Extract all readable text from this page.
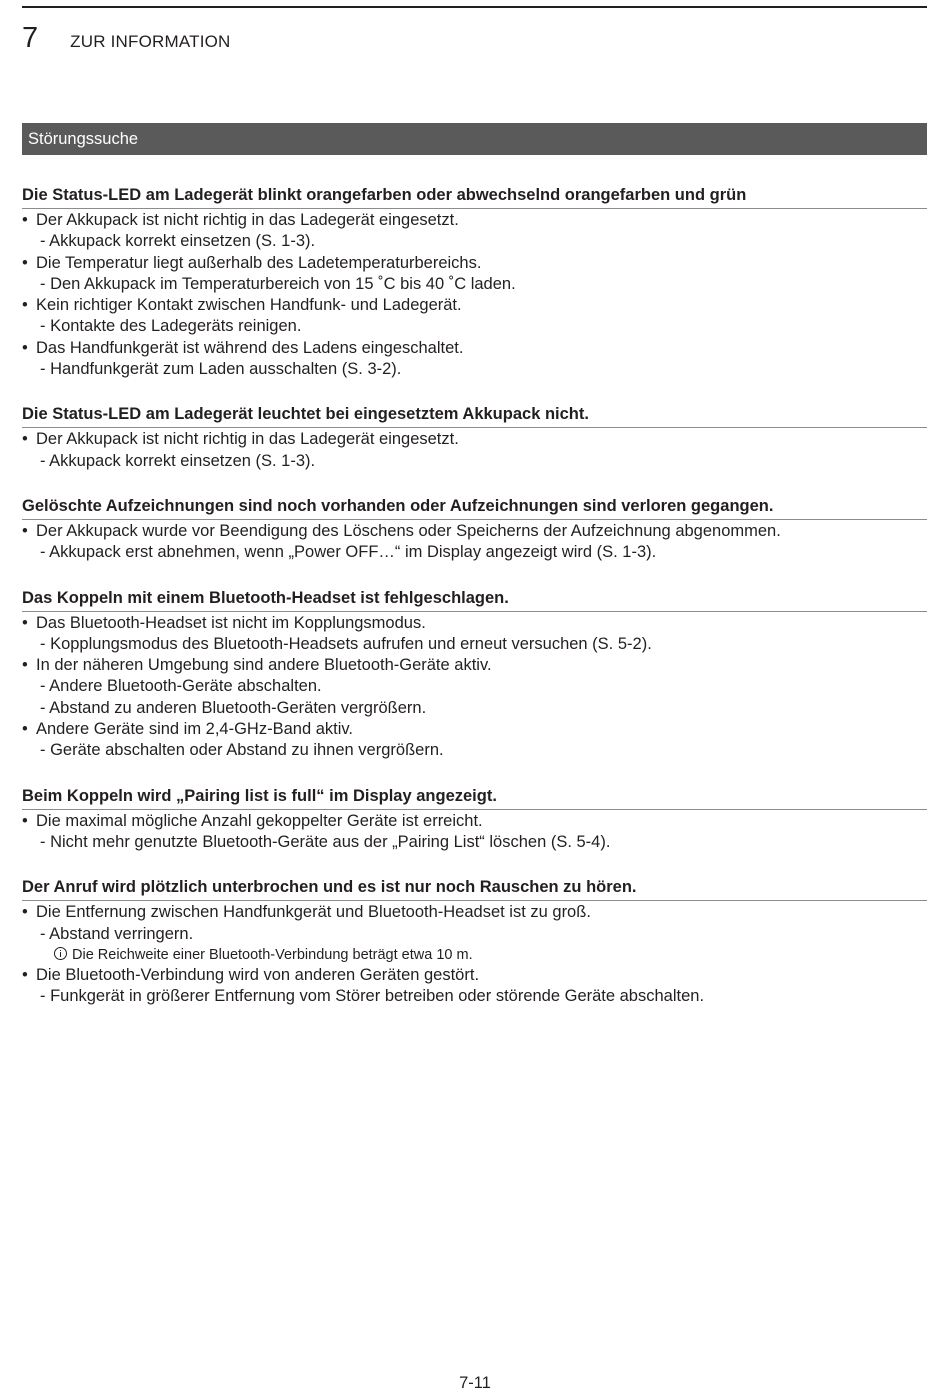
7 ZUR INFORMATION
Störungssuche
Die Status-LED am Ladegerät blinkt orangefarben oder abwechselnd orangefarben und grün
• Der Akkupack ist nicht richtig in das Ladegerät eingesetzt.
- Akkupack korrekt einsetzen (S. 1-3).
• Die Temperatur liegt außerhalb des Ladetemperaturbereichs.
- Den Akkupack im Temperaturbereich von 15 ˚C bis 40 ˚C laden.
• Kein richtiger Kontakt zwischen Handfunk- und Ladegerät.
- Kontakte des Ladegeräts reinigen.
• Das Handfunkgerät ist während des Ladens eingeschaltet.
- Handfunkgerät zum Laden ausschalten (S. 3-2).
Die Status-LED am Ladegerät leuchtet bei eingesetztem Akkupack nicht.
• Der Akkupack ist nicht richtig in das Ladegerät eingesetzt.
- Akkupack korrekt einsetzen (S. 1-3).
Gelöschte Aufzeichnungen sind noch vorhanden oder Aufzeichnungen sind verloren gegangen.
• Der Akkupack wurde vor Beendigung des Löschens oder Speicherns der Aufzeichnung abgenommen.
- Akkupack erst abnehmen, wenn „Power OFF…“ im Display angezeigt wird (S. 1-3).
Das Koppeln mit einem Bluetooth-Headset ist fehlgeschlagen.
• Das Bluetooth-Headset ist nicht im Kopplungsmodus.
- Kopplungsmodus des Bluetooth-Headsets aufrufen und erneut versuchen (S. 5-2).
• In der näheren Umgebung sind andere Bluetooth-Geräte aktiv.
- Andere Bluetooth-Geräte abschalten.
- Abstand zu anderen Bluetooth-Geräten vergrößern.
• Andere Geräte sind im 2,4-GHz-Band aktiv.
- Geräte abschalten oder Abstand zu ihnen vergrößern.
Beim Koppeln wird „Pairing list is full“ im Display angezeigt.
• Die maximal mögliche Anzahl gekoppelter Geräte ist erreicht.
- Nicht mehr genutzte Bluetooth-Geräte aus der „Pairing List“ löschen (S. 5-4).
Der Anruf wird plötzlich unterbrochen und es ist nur noch Rauschen zu hören.
• Die Entfernung zwischen Handfunkgerät und Bluetooth-Headset ist zu groß.
- Abstand verringern.
Die Reichweite einer Bluetooth-Verbindung beträgt etwa 10 m.
• Die Bluetooth-Verbindung wird von anderen Geräten gestört.
- Funkgerät in größerer Entfernung vom Störer betreiben oder störende Geräte abschalten.
7-11
